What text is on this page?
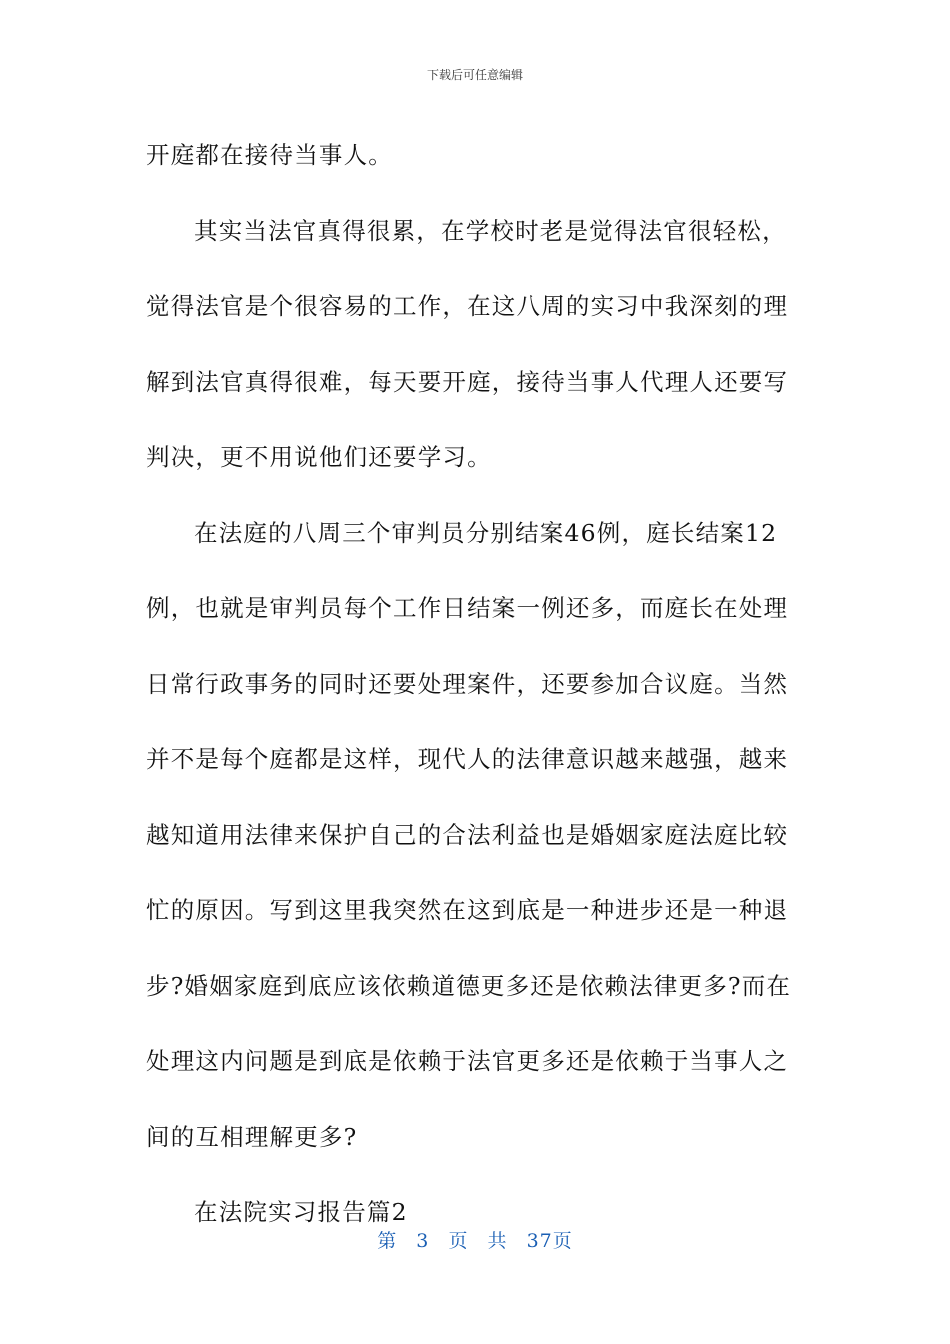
下载后可任意编辑

开庭都在接待当事人。

其实当法官真得很累，在学校时老是觉得法官很轻松，觉得法官是个很容易的工作，在这八周的实习中我深刻的理解到法官真得很难，每天要开庭，接待当事人代理人还要写判决，更不用说他们还要学习。

在法庭的八周三个审判员分别结案46例，庭长结案12例，也就是审判员每个工作日结案一例还多，而庭长在处理日常行政事务的同时还要处理案件，还要参加合议庭。当然并不是每个庭都是这样，现代人的法律意识越来越强，越来越知道用法律来保护自己的合法利益也是婚姻家庭法庭比较忙的原因。写到这里我突然在这到底是一种进步还是一种退步?婚姻家庭到底应该依赖道德更多还是依赖法律更多?而在处理这内问题是到底是依赖于法官更多还是依赖于当事人之间的互相理解更多?

在法院实习报告篇2

第 3 页 共 37页
